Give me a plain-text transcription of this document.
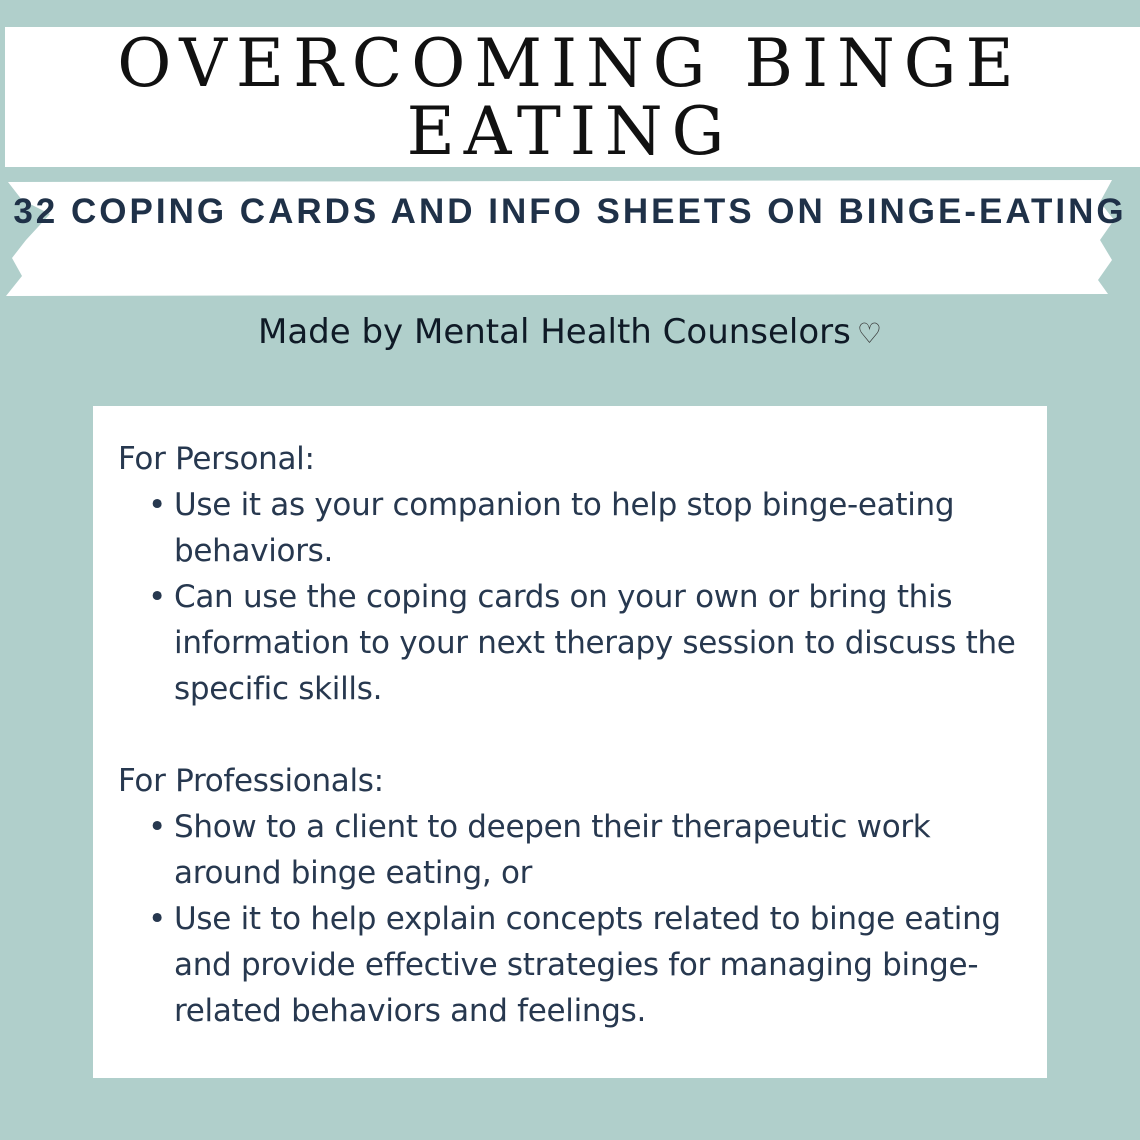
OVERCOMING BINGE EATING
32 COPING CARDS AND INFO SHEETS ON BINGE-EATING
Made by Mental Health Counselors ♡

For Personal:

• Use it as your companion to help stop binge-eating behaviors.
• Can use the coping cards on your own or bring this information to your next therapy session to discuss the specific skills.

For Professionals:

• Show to a client to deepen their therapeutic work around binge eating, or
• Use it to help explain concepts related to binge eating and provide effective strategies for managing binge-related behaviors and feelings.
